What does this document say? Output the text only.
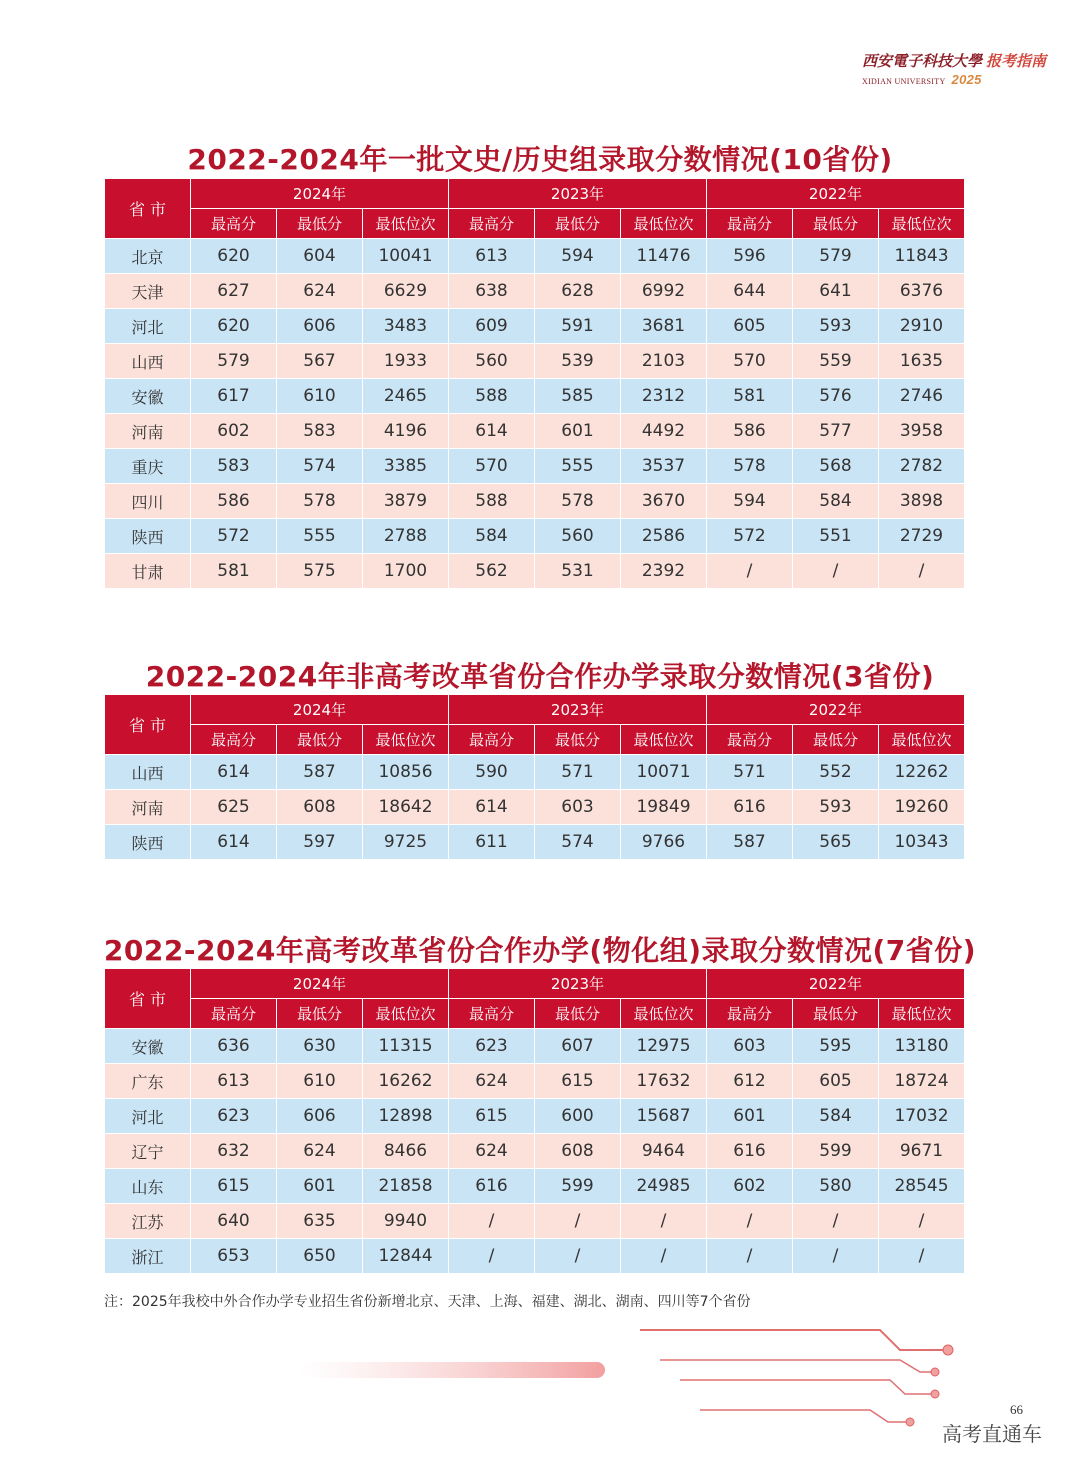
西安電子科技大學 报考指南
XIDIAN UNIVERSITY 2025
2022-2024年一批文史/历史组录取分数情况(10省份)
省 市	2024年			2023年			2022年		
	最高分	最低分	最低位次	最高分	最低分	最低位次	最高分	最低分	最低位次
北京	620	604	10041	613	594	11476	596	579	11843
天津	627	624	6629	638	628	6992	644	641	6376
河北	620	606	3483	609	591	3681	605	593	2910
山西	579	567	1933	560	539	2103	570	559	1635
安徽	617	610	2465	588	585	2312	581	576	2746
河南	602	583	4196	614	601	4492	586	577	3958
重庆	583	574	3385	570	555	3537	578	568	2782
四川	586	578	3879	588	578	3670	594	584	3898
陕西	572	555	2788	584	560	2586	572	551	2729
甘肃	581	575	1700	562	531	2392	/	/	/
2022-2024年非高考改革省份合作办学录取分数情况(3省份)
省 市	2024年			2023年			2022年		
	最高分	最低分	最低位次	最高分	最低分	最低位次	最高分	最低分	最低位次
山西	614	587	10856	590	571	10071	571	552	12262
河南	625	608	18642	614	603	19849	616	593	19260
陕西	614	597	9725	611	574	9766	587	565	10343
2022-2024年高考改革省份合作办学(物化组)录取分数情况(7省份)
省 市	2024年			2023年			2022年		
	最高分	最低分	最低位次	最高分	最低分	最低位次	最高分	最低分	最低位次
安徽	636	630	11315	623	607	12975	603	595	13180
广东	613	610	16262	624	615	17632	612	605	18724
河北	623	606	12898	615	600	15687	601	584	17032
辽宁	632	624	8466	624	608	9464	616	599	9671
山东	615	601	21858	616	599	24985	602	580	28545
江苏	640	635	9940	/	/	/	/	/	/
浙江	653	650	12844	/	/	/	/	/	/
注：2025年我校中外合作办学专业招生省份新增北京、天津、上海、福建、湖北、湖南、四川等7个省份
66
高考直通车
